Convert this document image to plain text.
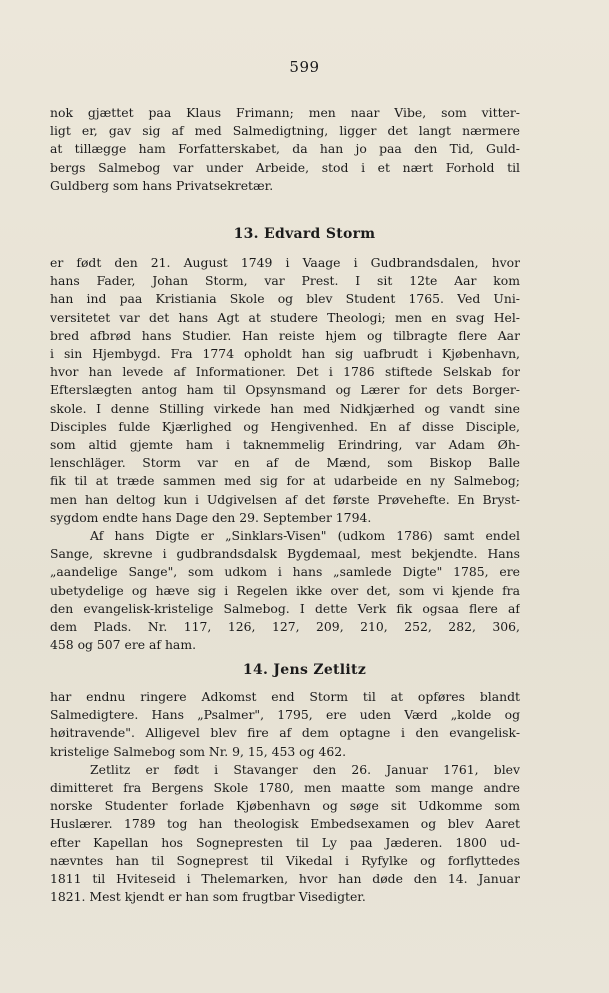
599
nok gjættet paa Klaus Frimann; men naar Vibe, som vitter-
ligt er, gav sig af med Salmedigtning, ligger det langt nærmere
at tillægge ham Forfatterskabet, da han jo paa den Tid, Guld-
bergs Salmebog var under Arbeide, stod i et nært Forhold til
Guldberg som hans Privatsekretær.
13. Edvard Storm
er født den 21. August 1749 i Vaage i Gudbrandsdalen, hvor
hans Fader, Johan Storm, var Prest. I sit 12te Aar kom
han ind paa Kristiania Skole og blev Student 1765. Ved Uni-
versitetet var det hans Agt at studere Theologi; men en svag Hel-
bred afbrød hans Studier. Han reiste hjem og tilbragte flere Aar
i sin Hjembygd. Fra 1774 opholdt han sig uafbrudt i Kjøbenhavn,
hvor han levede af Informationer. Det i 1786 stiftede Selskab for
Efterslægten antog ham til Opsynsmand og Lærer for dets Borger-
skole. I denne Stilling virkede han med Nidkjærhed og vandt sine
Disciples fulde Kjærlighed og Hengivenhed. En af disse Disciple,
som altid gjemte ham i taknemmelig Erindring, var Adam Øh-
lenschläger. Storm var en af de Mænd, som Biskop Balle
fik til at træde sammen med sig for at udarbeide en ny Salmebog;
men han deltog kun i Udgivelsen af det første Prøvehefte. En Bryst-
sygdom endte hans Dage den 29. September 1794.
Af hans Digte er „Sinklars-Visen" (udkom 1786) samt endel
Sange, skrevne i gudbrandsdalsk Bygdemaal, mest bekjendte. Hans
„aandelige Sange", som udkom i hans „samlede Digte" 1785, ere
ubetydelige og hæve sig i Regelen ikke over det, som vi kjende fra
den evangelisk-kristelige Salmebog. I dette Verk fik ogsaa flere af
dem Plads. Nr. 117, 126, 127, 209, 210, 252, 282, 306,
458 og 507 ere af ham.
14. Jens Zetlitz
har endnu ringere Adkomst end Storm til at opføres blandt
Salmedigtere. Hans „Psalmer", 1795, ere uden Værd „kolde og
høitravende". Alligevel blev fire af dem optagne i den evangelisk-
kristelige Salmebog som Nr. 9, 15, 453 og 462.
Zetlitz er født i Stavanger den 26. Januar 1761, blev
dimitteret fra Bergens Skole 1780, men maatte som mange andre
norske Studenter forlade Kjøbenhavn og søge sit Udkomme som
Huslærer. 1789 tog han theologisk Embedsexamen og blev Aaret
efter Kapellan hos Sognepresten til Ly paa Jæderen. 1800 ud-
nævntes han til Sogneprest til Vikedal i Ryfylke og forflyttedes
1811 til Hviteseid i Thelemarken, hvor han døde den 14. Januar
1821. Mest kjendt er han som frugtbar Visedigter.
